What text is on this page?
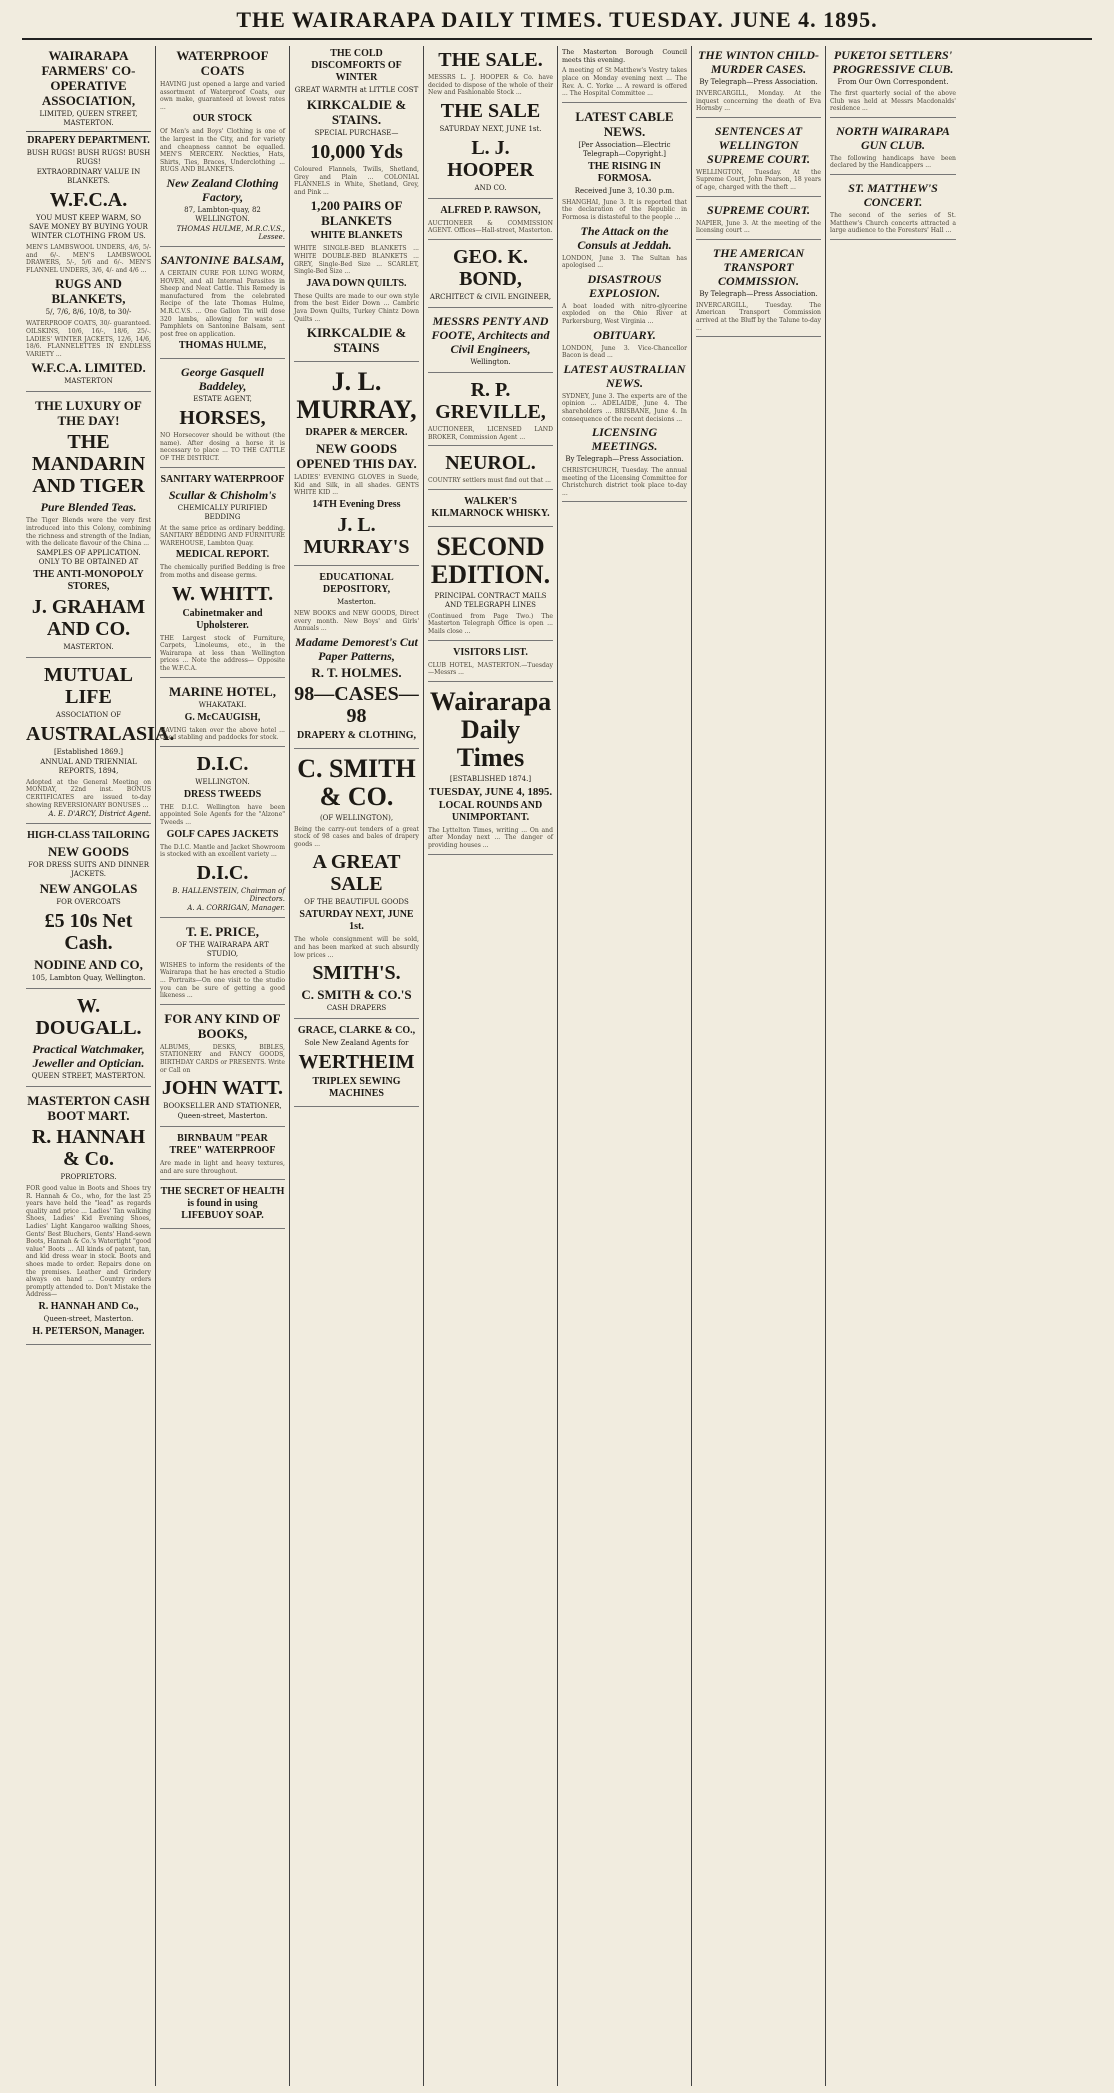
THE WAIRARAPA DAILY TIMES. TUESDAY. JUNE 4. 1895.
WAIRARAPA FARMERS' CO-OPERATIVE ASSOCIATION,
LIMITED, QUEEN STREET, MASTERTON.
DRAPERY DEPARTMENT.
BUSH RUGS! BUSH RUGS! BUSH RUGS!
EXTRAORDINARY VALUE IN BLANKETS.
W.F.C.A.
YOU MUST KEEP WARM, SO SAVE MONEY BY BUYING YOUR WINTER CLOTHING FROM US.
MEN'S LAMBSWOOL UNDERS, 4/6, 5/- and 6/-. MEN'S LAMBSWOOL DRAWERS, 5/-, 5/6 and 6/-. MEN'S FLANNEL UNDERS, 3/6, 4/- and 4/6 ...
RUGS AND BLANKETS,
5/, 7/6, 8/6, 10/8, to 30/-
WATERPROOF COATS, 30/- guaranteed. OILSKINS, 10/6, 16/-, 18/6, 25/-. LADIES' WINTER JACKETS, 12/6, 14/6, 18/6. FLANNELETTES IN ENDLESS VARIETY ...
W.F.C.A. LIMITED.
MASTERTON
THE LUXURY OF THE DAY!
THE MANDARIN AND TIGER
Pure Blended Teas.
The Tiger Blends were the very first introduced into this Colony, combining the richness and strength of the Indian, with the delicate flavour of the China ...
SAMPLES OF APPLICATION. ONLY TO BE OBTAINED AT
THE ANTI-MONOPOLY STORES,
J. GRAHAM AND CO.
MASTERTON.
MUTUAL LIFE
ASSOCIATION OF
AUSTRALASIA.
[Established 1869.]
ANNUAL AND TRIENNIAL REPORTS, 1894,
Adopted at the General Meeting on MONDAY, 22nd inst. BONUS CERTIFICATES are issued to-day showing REVERSIONARY BONUSES ...
A. E. D'ARCY, District Agent.
HIGH-CLASS TAILORING
NEW GOODS
FOR DRESS SUITS AND DINNER JACKETS.
NEW ANGOLAS
FOR OVERCOATS
£5 10s Net Cash.
NODINE AND CO,
105, Lambton Quay, Wellington.
W. DOUGALL.
Practical Watchmaker, Jeweller and Optician.
QUEEN STREET, MASTERTON.
MASTERTON CASH BOOT MART.
R. HANNAH & Co.
PROPRIETORS.
FOR good value in Boots and Shoes try R. Hannah & Co., who, for the last 25 years have held the "lead" as regards quality and price ... Ladies' Tan walking Shoes, Ladies' Kid Evening Shoes, Ladies' Light Kangaroo walking Shoes, Gents' Best Bluchers, Gents' Hand-sewn Boots, Hannah & Co.'s Watertight "good value" Boots ... All kinds of patent, tan, and kid dress wear in stock. Boots and shoes made to order. Repairs done on the premises. Leather and Grindery always on hand ... Country orders promptly attended to. Don't Mistake the Address—
R. HANNAH AND Co.,
Queen-street, Masterton.
H. PETERSON, Manager.
WATERPROOF COATS
HAVING just opened a large and varied assortment of Waterproof Coats, our own make, guaranteed at lowest rates ...
OUR STOCK
Of Men's and Boys' Clothing is one of the largest in the City, and for variety and cheapness cannot be equalled. MEN'S MERCERY. Neckties, Hats, Shirts, Ties, Braces, Underclothing ... RUGS AND BLANKETS.
New Zealand Clothing Factory,
87, Lambton-quay, 82 WELLINGTON.
THOMAS HULME, M.R.C.V.S., Lessee.
SANTONINE BALSAM,
A CERTAIN CURE FOR LUNG WORM, HOVEN, and all Internal Parasites in Sheep and Neat Cattle. This Remedy is manufactured from the celebrated Recipe of the late Thomas Hulme, M.R.C.V.S. ... One Gallon Tin will dose 320 lambs, allowing for waste ... Pamphlets on Santonine Balsam, sent post free on application.
THOMAS HULME,
George Gasquell Baddeley,
ESTATE AGENT,
HORSES,
NO Horsecover should be without (the name). After dosing a horse it is necessary to place ... TO THE CATTLE OF THE DISTRICT.
SANITARY WATERPROOF
Scullar & Chisholm's
CHEMICALLY PURIFIED BEDDING
At the same price as ordinary bedding. SANITARY BEDDING AND FURNITURE WAREHOUSE, Lambton Quay.
MEDICAL REPORT.
The chemically purified Bedding is free from moths and disease germs.
W. WHITT.
Cabinetmaker and Upholsterer.
THE Largest stock of Furniture, Carpets, Linoleums, etc., in the Wairarapa at less than Wellington prices ... Note the address— Opposite the W.F.C.A.
MARINE HOTEL,
WHAKATAKI.
G. McCAUGISH,
HAVING taken over the above hotel ... Good stabling and paddocks for stock.
D.I.C.
WELLINGTON.
DRESS TWEEDS
THE D.I.C. Wellington have been appointed Sole Agents for the "Alzone" Tweeds ...
GOLF CAPES JACKETS
The D.I.C. Mantle and Jacket Showroom is stocked with an excellent variety ...
D.I.C.
B. HALLENSTEIN, Chairman of Directors.
A. A. CORRIGAN, Manager.
T. E. PRICE,
OF THE WAIRARAPA ART STUDIO,
WISHES to inform the residents of the Wairarapa that he has erected a Studio ... Portraits—On one visit to the studio you can be sure of getting a good likeness ...
FOR ANY KIND OF BOOKS,
ALBUMS, DESKS, BIBLES, STATIONERY and FANCY GOODS, BIRTHDAY CARDS or PRESENTS. Write or Call on
JOHN WATT.
BOOKSELLER AND STATIONER,
Queen-street, Masterton.
BIRNBAUM "PEAR TREE" WATERPROOF
Are made in light and heavy textures, and are sure throughout.
THE SECRET OF HEALTH is found in using LIFEBUOY SOAP.
THE COLD DISCOMFORTS OF WINTER
GREAT WARMTH at LITTLE COST
KIRKCALDIE & STAINS.
SPECIAL PURCHASE—
10,000 Yds
Coloured Flannels, Twills, Shetland, Grey and Plain ... COLONIAL FLANNELS in White, Shetland, Grey, and Pink ...
1,200 PAIRS OF BLANKETS
WHITE BLANKETS
WHITE SINGLE-BED BLANKETS ... WHITE DOUBLE-BED BLANKETS ... GREY, Single-Bed Size ... SCARLET, Single-Bed Size ...
JAVA DOWN QUILTS.
These Quilts are made to our own style from the best Eider Down ... Cambric Java Down Quilts, Turkey Chintz Down Quilts ...
KIRKCALDIE & STAINS
J. L. MURRAY,
DRAPER & MERCER.
NEW GOODS OPENED THIS DAY.
LADIES' EVENING GLOVES in Suede, Kid and Silk, in all shades. GENTS WHITE KID ...
14TH Evening Dress
J. L. MURRAY'S
EDUCATIONAL DEPOSITORY,
Masterton.
NEW BOOKS and NEW GOODS, Direct every month. New Boys' and Girls' Annuals ...
Madame Demorest's Cut Paper Patterns,
R. T. HOLMES.
98—CASES—98
DRAPERY & CLOTHING,
C. SMITH & CO.
(OF WELLINGTON),
Being the carry-out tenders of a great stock of 98 cases and bales of drapery goods ...
A GREAT SALE
OF THE BEAUTIFUL GOODS
SATURDAY NEXT, JUNE 1st.
The whole consignment will be sold, and has been marked at such absurdly low prices ...
SMITH'S.
C. SMITH & CO.'S
CASH DRAPERS
GRACE, CLARKE & CO.,
Sole New Zealand Agents for
WERTHEIM
TRIPLEX SEWING MACHINES
THE SALE.
MESSRS L. J. HOOPER & Co. have decided to dispose of the whole of their New and Fashionable Stock ...
THE SALE
SATURDAY NEXT, JUNE 1st.
L. J. HOOPER
AND CO.
ALFRED P. RAWSON,
AUCTIONEER & COMMISSION AGENT. Offices—Hall-street, Masterton.
GEO. K. BOND,
ARCHITECT & CIVIL ENGINEER,
MESSRS PENTY AND FOOTE, Architects and Civil Engineers,
Wellington.
R. P. GREVILLE,
AUCTIONEER, LICENSED LAND BROKER, Commission Agent ...
NEUROL.
COUNTRY settlers must find out that ...
WALKER'S KILMARNOCK WHISKY.
SECOND EDITION.
PRINCIPAL CONTRACT MAILS AND TELEGRAPH LINES
(Continued from Page Two.) The Masterton Telegraph Office is open ... Mails close ...
VISITORS LIST.
CLUB HOTEL, MASTERTON.—Tuesday—Messrs ...
Wairarapa Daily Times
[ESTABLISHED 1874.]
TUESDAY, JUNE 4, 1895.
LOCAL ROUNDS AND UNIMPORTANT.
The Lyttelton Times, writing ... On and after Monday next ... The danger of providing houses ...
The Masterton Borough Council meets this evening.
A meeting of St Matthew's Vestry takes place on Monday evening next ... The Rev. A. C. Yorke ... A reward is offered ... The Hospital Committee ...
LATEST CABLE NEWS.
[Per Association—Electric Telegraph—Copyright.]
THE RISING IN FORMOSA.
Received June 3, 10.30 p.m.
SHANGHAI, June 3. It is reported that the declaration of the Republic in Formosa is distasteful to the people ...
The Attack on the Consuls at Jeddah.
LONDON, June 3. The Sultan has apologised ...
DISASTROUS EXPLOSION.
A boat loaded with nitro-glycerine exploded on the Ohio River at Parkersburg, West Virginia ...
OBITUARY.
LONDON, June 3. Vice-Chancellor Bacon is dead ...
LATEST AUSTRALIAN NEWS.
SYDNEY, June 3. The experts are of the opinion ... ADELAIDE, June 4. The shareholders ... BRISBANE, June 4. In consequence of the recent decisions ...
LICENSING MEETINGS.
By Telegraph—Press Association.
CHRISTCHURCH, Tuesday. The annual meeting of the Licensing Committee for Christchurch district took place to-day ...
THE WINTON CHILD-MURDER CASES.
By Telegraph—Press Association.
INVERCARGILL, Monday. At the inquest concerning the death of Eva Hornsby ...
SENTENCES AT WELLINGTON SUPREME COURT.
WELLINGTON, Tuesday. At the Supreme Court, John Pearson, 18 years of age, charged with the theft ...
SUPREME COURT.
NAPIER, June 3. At the meeting of the licensing court ...
THE AMERICAN TRANSPORT COMMISSION.
By Telegraph—Press Association.
INVERCARGILL, Tuesday. The American Transport Commission arrived at the Bluff by the Talune to-day ...
PUKETOI SETTLERS' PROGRESSIVE CLUB.
From Our Own Correspondent.
The first quarterly social of the above Club was held at Messrs Macdonalds' residence ...
NORTH WAIRARAPA GUN CLUB.
The following handicaps have been declared by the Handicappers ...
ST. MATTHEW'S CONCERT.
The second of the series of St. Matthew's Church concerts attracted a large audience to the Foresters' Hall ...
